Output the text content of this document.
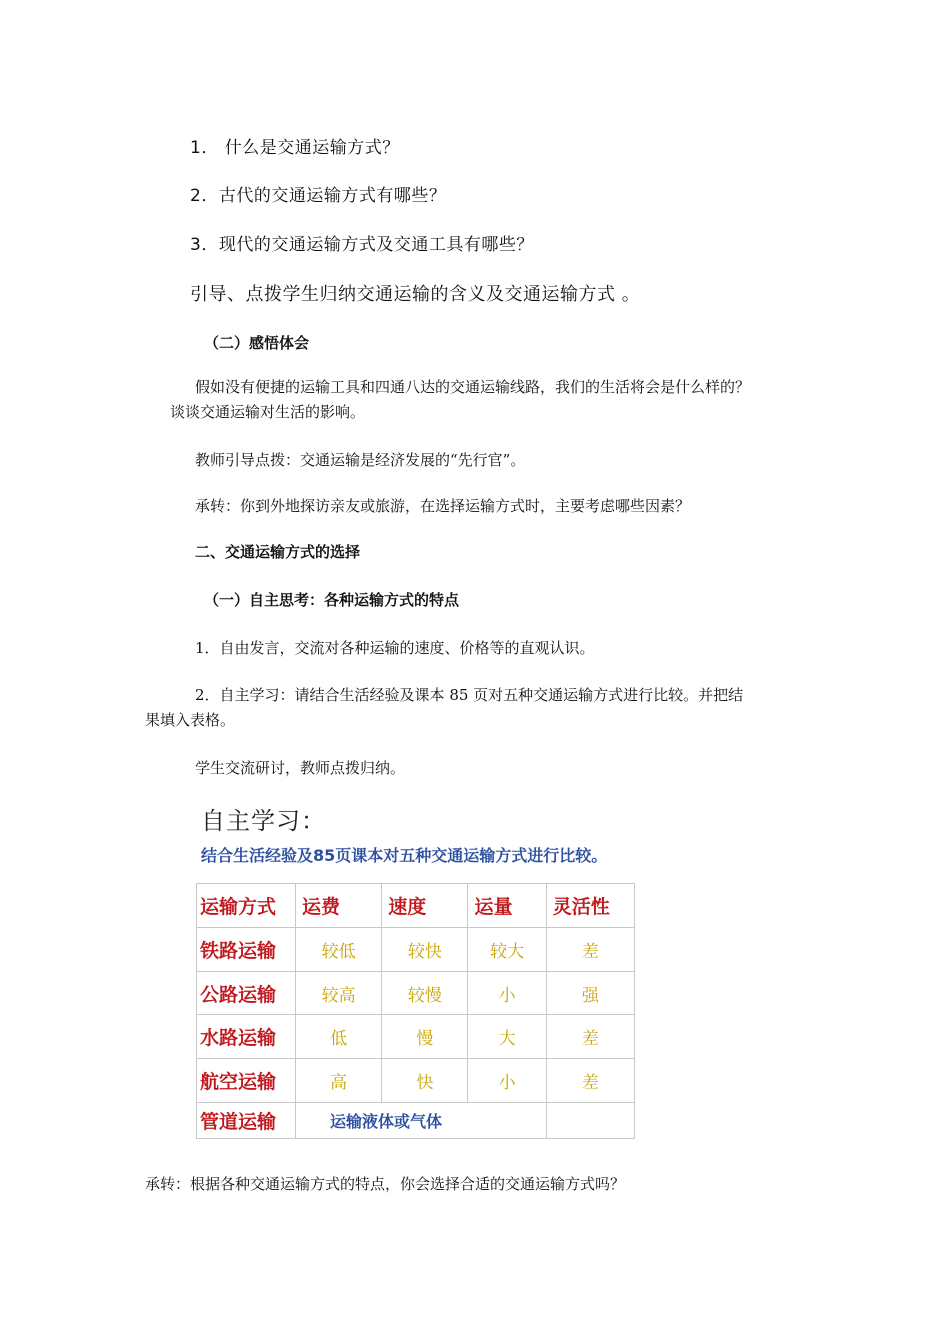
1． 什么是交通运输方式？
2．古代的交通运输方式有哪些？
3．现代的交通运输方式及交通工具有哪些？
引导、点拨学生归纳交通运输的含义及交通运输方式 。
（二）感悟体会
假如没有便捷的运输工具和四通八达的交通运输线路，我们的生活将会是什么样的？
谈谈交通运输对生活的影响。
教师引导点拨：交通运输是经济发展的“先行官”。
承转：你到外地探访亲友或旅游，在选择运输方式时，主要考虑哪些因素？
二、交通运输方式的选择
（一）自主思考：各种运输方式的特点
1．自由发言，交流对各种运输的速度、价格等的直观认识。
2．自主学习：请结合生活经验及课本 85 页对五种交通运输方式进行比较。并把结
果填入表格。
学生交流研讨，教师点拨归纳。
自主学习：
结合生活经验及85页课本对五种交通运输方式进行比较。
运输方式	运费	速度	运量	灵活性
铁路运输	较低	较快	较大	差
公路运输	较高	较慢	小	强
水路运输	低	慢	大	差
航空运输	高	快	小	差
管道运输	运输液体或气体			
承转：根据各种交通运输方式的特点，你会选择合适的交通运输方式吗？
